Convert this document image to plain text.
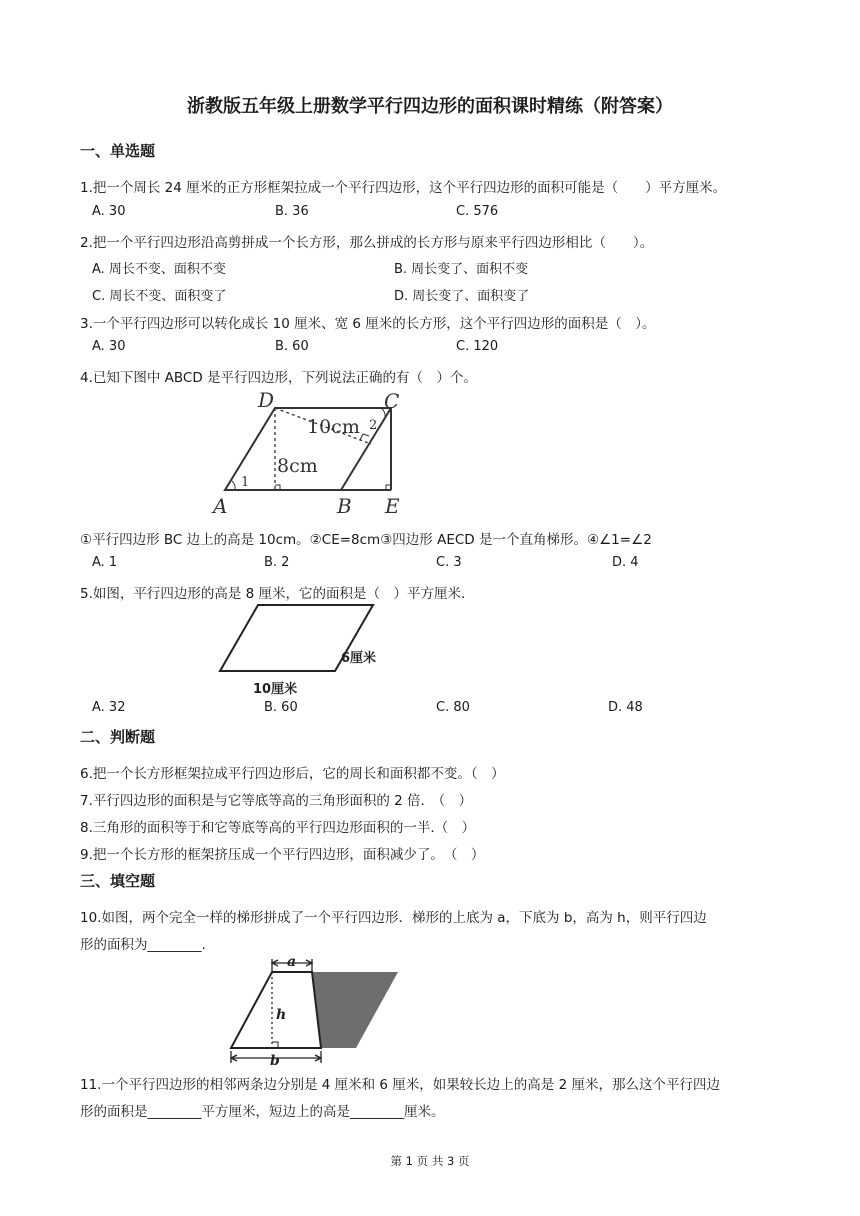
浙教版五年级上册数学平行四边形的面积课时精练（附答案）
一、单选题
1.把一个周长 24 厘米的正方形框架拉成一个平行四边形，这个平行四边形的面积可能是（　　）平方厘米。
A. 30	B. 36	C. 576
2.把一个平行四边形沿高剪拼成一个长方形，那么拼成的长方形与原来平行四边形相比（　　）。
A. 周长不变、面积不变	B. 周长变了、面积不变
C. 周长不变、面积变了	D. 周长变了、面积变了
3.一个平行四边形可以转化成长 10 厘米、宽 6 厘米的长方形，这个平行四边形的面积是（　）。
A. 30	B. 60	C. 120
4.已知下图中 ABCD 是平行四边形，下列说法正确的有（　）个。
D	C
A	B E
10cm
8cm
1
2
①平行四边形 BC 边上的高是 10cm。②CE=8cm③四边形 AECD 是一个直角梯形。④∠1=∠2
A. 1	B. 2	C. 3	D. 4
5.如图，平行四边形的高是 8 厘米，它的面积是（　）平方厘米.
6厘米
10厘米
A. 32	B. 60	C. 80	D. 48
二、判断题
6.把一个长方形框架拉成平行四边形后，它的周长和面积都不变。（　）
7.平行四边形的面积是与它等底等高的三角形面积的 2 倍.　（　）
8.三角形的面积等于和它等底等高的平行四边形面积的一半.（　）
9.把一个长方形的框架挤压成一个平行四边形，面积减少了。　（　）
三、填空题
10.如图，两个完全一样的梯形拼成了一个平行四边形．梯形的上底为 a，下底为 b，高为 h，则平行四边
形的面积为________.
a
h
b
11.一个平行四边形的相邻两条边分别是 4 厘米和 6 厘米，如果较长边上的高是 2 厘米，那么这个平行四边
形的面积是________平方厘米，短边上的高是________厘米。
第 1 页 共 3 页
